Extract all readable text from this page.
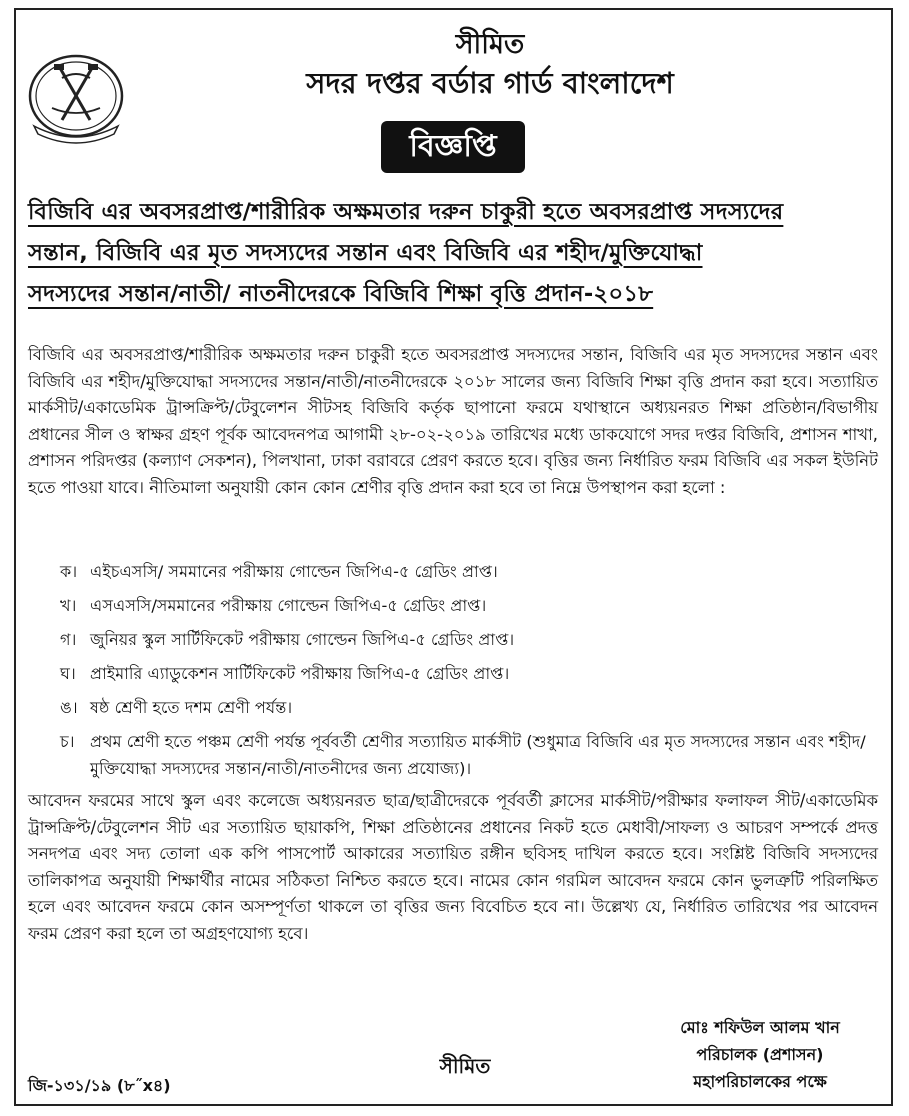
সীমিত
সদর দপ্তর বর্ডার গার্ড বাংলাদেশ
বিজ্ঞপ্তি
বিজিবি এর অবসরপ্রাপ্ত/শারীরিক অক্ষমতার দরুন চাকুরী হতে অবসরপ্রাপ্ত সদস্যদের
সন্তান, বিজিবি এর মৃত সদস্যদের সন্তান এবং বিজিবি এর শহীদ/মুক্তিযোদ্ধা
সদস্যদের সন্তান/নাতী/ নাতনীদেরকে বিজিবি শিক্ষা বৃত্তি প্রদান-২০১৮
বিজিবি এর অবসরপ্রাপ্ত/শারীরিক অক্ষমতার দরুন চাকুরী হতে অবসরপ্রাপ্ত সদস্যদের সন্তান, বিজিবি এর মৃত সদস্যদের সন্তান এবং বিজিবি এর শহীদ/মুক্তিযোদ্ধা সদস্যদের সন্তান/নাতী/নাতনীদেরকে ২০১৮ সালের জন্য বিজিবি শিক্ষা বৃত্তি প্রদান করা হবে। সত্যায়িত মার্কসীট/একাডেমিক ট্রান্সক্রিপ্ট/টেবুলেশন সীটসহ বিজিবি কর্তৃক ছাপানো ফরমে যথাস্থানে অধ্যয়নরত শিক্ষা প্রতিষ্ঠান/বিভাগীয় প্রধানের সীল ও স্বাক্ষর গ্রহণ পূর্বক আবেদনপত্র আগামী ২৮-০২-২০১৯ তারিখের মধ্যে ডাকযোগে সদর দপ্তর বিজিবি, প্রশাসন শাখা, প্রশাসন পরিদপ্তর (কল্যাণ সেকশন), পিলখানা, ঢাকা বরাবরে প্রেরণ করতে হবে। বৃত্তির জন্য নির্ধারিত ফরম বিজিবি এর সকল ইউনিট হতে পাওয়া যাবে। নীতিমালা অনুযায়ী কোন কোন শ্রেণীর বৃত্তি প্রদান করা হবে তা নিম্নে উপস্থাপন করা হলো :
ক। এইচএসসি/ সমমানের পরীক্ষায় গোল্ডেন জিপিএ-৫ গ্রেডিং প্রাপ্ত।
খ। এসএসসি/সমমানের পরীক্ষায় গোল্ডেন জিপিএ-৫ গ্রেডিং প্রাপ্ত।
গ। জুনিয়র স্কুল সার্টিফিকেট পরীক্ষায় গোল্ডেন জিপিএ-৫ গ্রেডিং প্রাপ্ত।
ঘ। প্রাইমারি এ্যাডুকেশন সার্টিফিকেট পরীক্ষায় জিপিএ-৫ গ্রেডিং প্রাপ্ত।
ঙ। ষষ্ঠ শ্রেণী হতে দশম শ্রেণী পর্যন্ত।
চ। প্রথম শ্রেণী হতে পঞ্চম শ্রেণী পর্যন্ত পূর্ববর্তী শ্রেণীর সত্যায়িত মার্কসীট (শুধুমাত্র বিজিবি এর মৃত সদস্যদের সন্তান এবং শহীদ/মুক্তিযোদ্ধা সদস্যদের সন্তান/নাতী/নাতনীদের জন্য প্রযোজ্য)।
আবেদন ফরমের সাথে স্কুল এবং কলেজে অধ্যয়নরত ছাত্র/ছাত্রীদেরকে পূর্ববর্তী ক্লাসের মার্কসীট/পরীক্ষার ফলাফল সীট/একাডেমিক ট্রান্সক্রিপ্ট/টেবুলেশন সীট এর সত্যায়িত ছায়াকপি, শিক্ষা প্রতিষ্ঠানের প্রধানের নিকট হতে মেধাবী/সাফল্য ও আচরণ সম্পর্কে প্রদত্ত সনদপত্র এবং সদ্য তোলা এক কপি পাসপোর্ট আকারের সত্যায়িত রঙ্গীন ছবিসহ দাখিল করতে হবে। সংশ্লিষ্ট বিজিবি সদস্যদের তালিকাপত্র অনুযায়ী শিক্ষার্থীর নামের সঠিকতা নিশ্চিত করতে হবে। নামের কোন গরমিল আবেদন ফরমে কোন ভুলত্রুটি পরিলক্ষিত হলে এবং আবেদন ফরমে কোন অসম্পূর্ণতা থাকলে তা বৃত্তির জন্য বিবেচিত হবে না। উল্লেখ্য যে, নির্ধারিত তারিখের পর আবেদন ফরম প্রেরণ করা হলে তা অগ্রহণযোগ্য হবে।
মোঃ শফিউল আলম খান
পরিচালক (প্রশাসন)
মহাপরিচালকের পক্ষে
সীমিত
জি-১৩১/১৯ (৮˝x৪)
